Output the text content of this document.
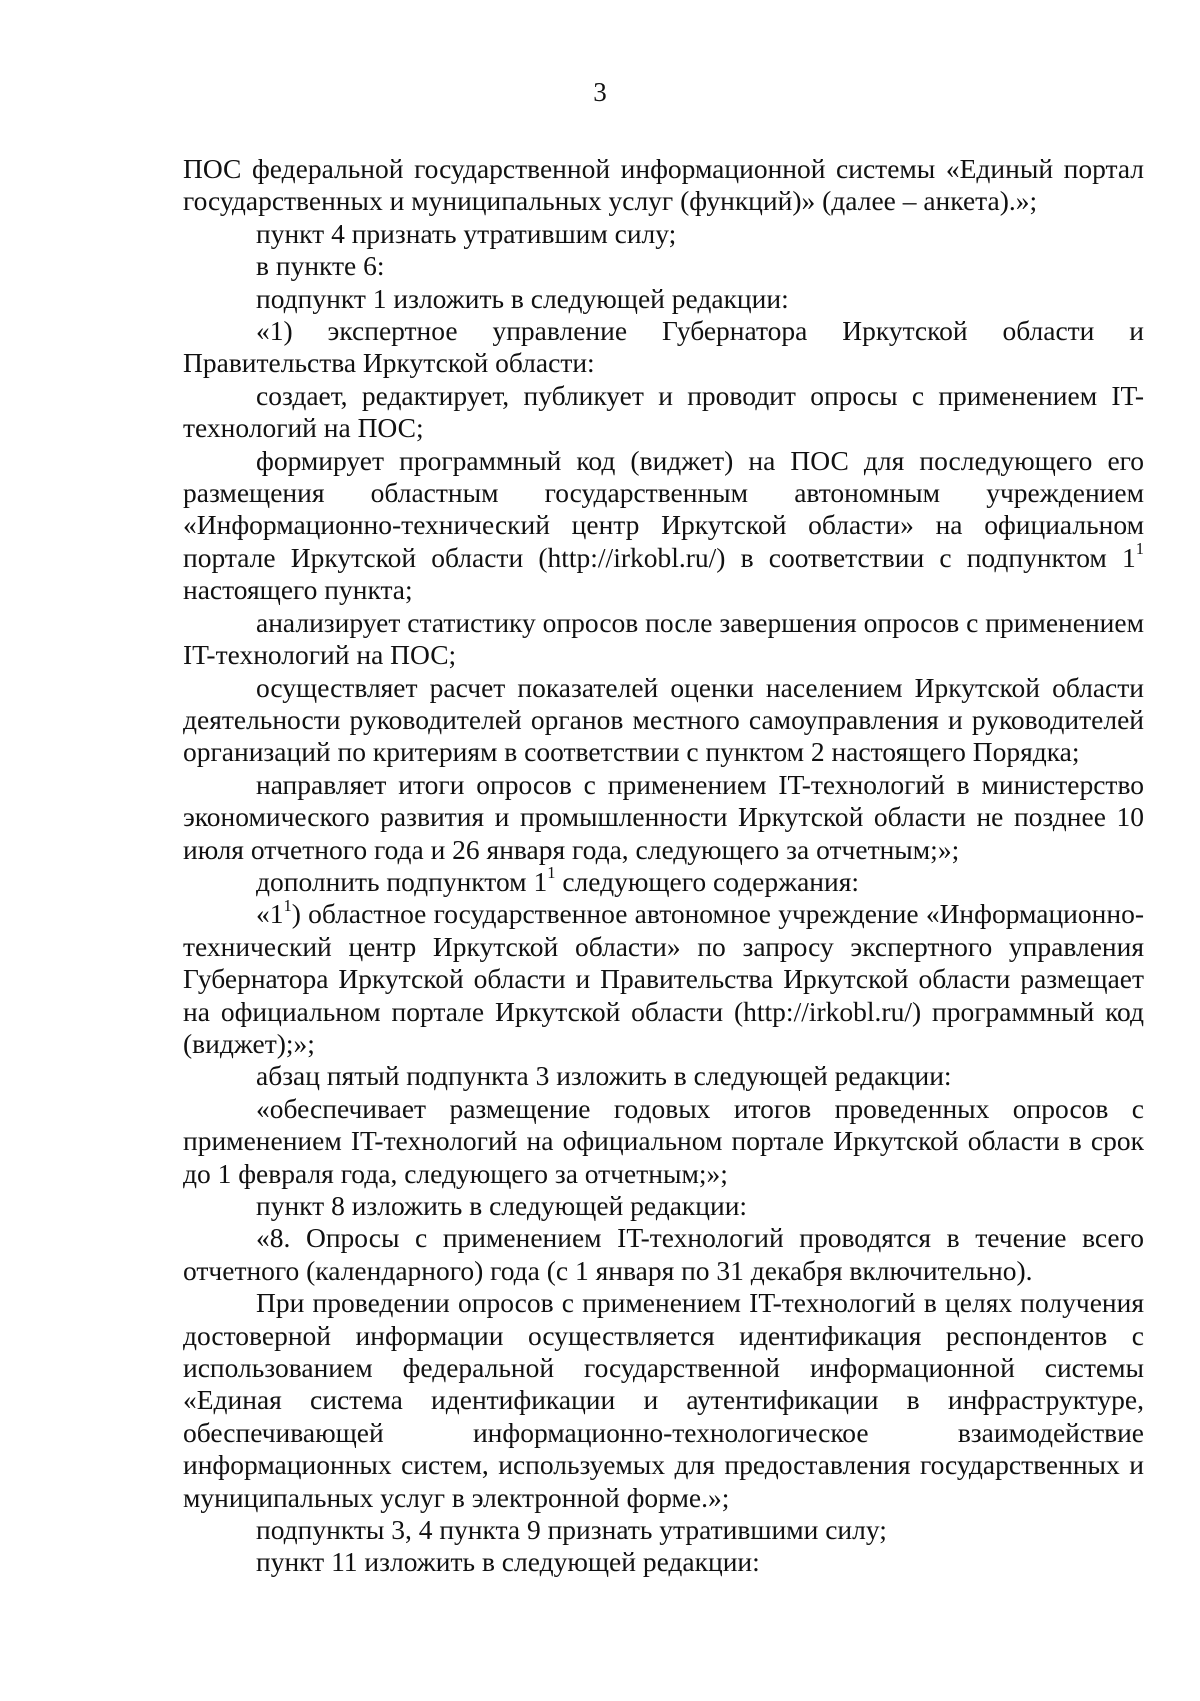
3

ПОС федеральной государственной информационной системы «Единый портал государственных и муниципальных услуг (функций)» (далее – анкета).»;

пункт 4 признать утратившим силу;

в пункте 6:

подпункт 1 изложить в следующей редакции:

«1) экспертное управление Губернатора Иркутской области и Правительства Иркутской области:

создает, редактирует, публикует и проводит опросы с применением IT-технологий на ПОС;

формирует программный код (виджет) на ПОС для последующего его размещения областным государственным автономным учреждением «Информационно-технический центр Иркутской области» на официальном портале Иркутской области (http://irkobl.ru/) в соответствии с подпунктом $1^1$ настоящего пункта;

анализирует статистику опросов после завершения опросов с применением IT-технологий на ПОС;

осуществляет расчет показателей оценки населением Иркутской области деятельности руководителей органов местного самоуправления и руководителей организаций по критериям в соответствии с пунктом 2 настоящего Порядка;

направляет итоги опросов с применением IT-технологий в министерство экономического развития и промышленности Иркутской области не позднее 10 июля отчетного года и 26 января года, следующего за отчетным;»;

дополнить подпунктом $1^1$ следующего содержания:

«$1^1$) областное государственное автономное учреждение «Информационно-технический центр Иркутской области» по запросу экспертного управления Губернатора Иркутской области и Правительства Иркутской области размещает на официальном портале Иркутской области (http://irkobl.ru/) программный код (виджет);»;

абзац пятый подпункта 3 изложить в следующей редакции:

«обеспечивает размещение годовых итогов проведенных опросов с применением IT-технологий на официальном портале Иркутской области в срок до 1 февраля года, следующего за отчетным;»;

пункт 8 изложить в следующей редакции:

«8. Опросы с применением IT-технологий проводятся в течение всего отчетного (календарного) года (с 1 января по 31 декабря включительно).

При проведении опросов с применением IT-технологий в целях получения достоверной информации осуществляется идентификация респондентов с использованием федеральной государственной информационной системы «Единая система идентификации и аутентификации в инфраструктуре, обеспечивающей информационно-технологическое взаимодействие информационных систем, используемых для предоставления государственных и муниципальных услуг в электронной форме.»;

подпункты 3, 4 пункта 9 признать утратившими силу;

пункт 11 изложить в следующей редакции:
